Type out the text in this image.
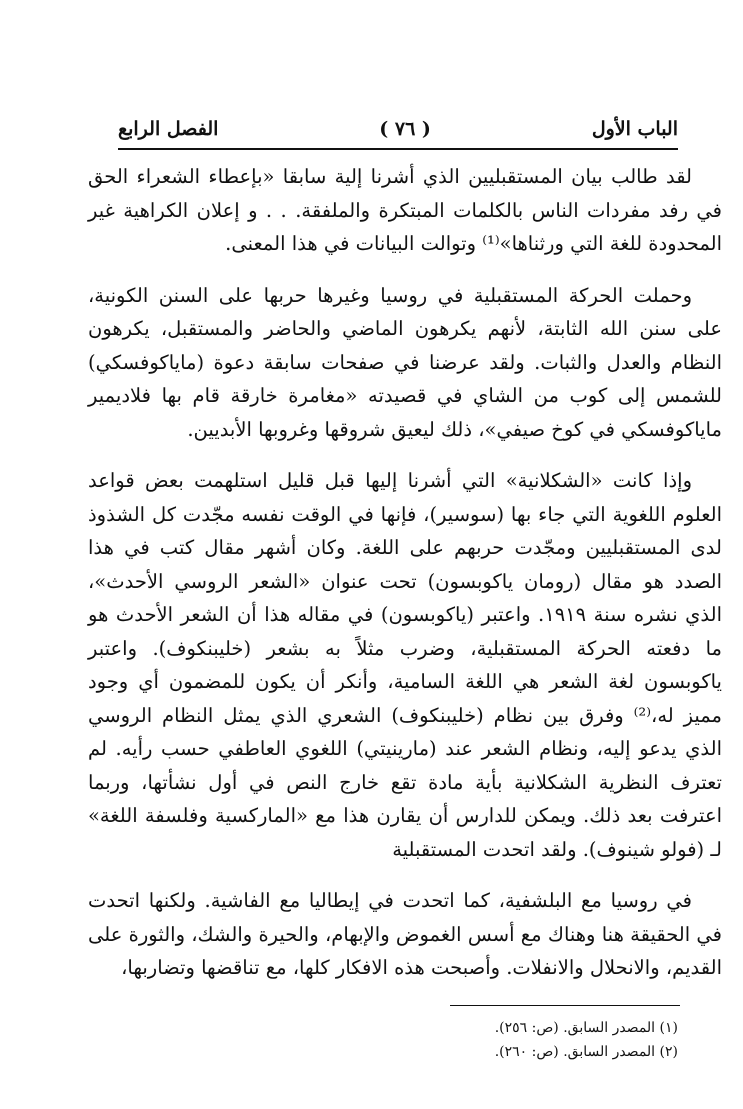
الباب الأول
( ٧٦ )
الفصل الرابع

لقد طالب بيان المستقبليين الذي أشرنا إلية سابقا «بإعطاء الشعراء الحق في رفد مفردات الناس بالكلمات المبتكرة والملفقة. . . و إعلان الكراهية غير المحدودة للغة التي ورثناها»⁽¹⁾ وتوالت البيانات في هذا المعنى.

وحملت الحركة المستقبلية في روسيا وغيرها حربها على السنن الكونية، على سنن الله الثابتة، لأنهم يكرهون الماضي والحاضر والمستقبل، يكرهون النظام والعدل والثبات. ولقد عرضنا في صفحات سابقة دعوة (ماياكوفسكي) للشمس إلى كوب من الشاي في قصيدته «مغامرة خارقة قام بها فلاديمير ماياكوفسكي في كوخ صيفي»، ذلك ليعيق شروقها وغروبها الأبديين.

وإذا كانت «الشكلانية» التي أشرنا إليها قبل قليل استلهمت بعض قواعد العلوم اللغوية التي جاء بها (سوسير)، فإنها في الوقت نفسه مجّدت كل الشذوذ لدى المستقبليين ومجّدت حربهم على اللغة. وكان أشهر مقال كتب في هذا الصدد هو مقال (رومان ياكوبسون) تحت عنوان «الشعر الروسي الأحدث»، الذي نشره سنة ١٩١٩. واعتبر (ياكوبسون) في مقاله هذا أن الشعر الأحدث هو ما دفعته الحركة المستقبلية، وضرب مثلاً به بشعر (خليبنكوف). واعتبر ياكوبسون لغة الشعر هي اللغة السامية، وأنكر أن يكون للمضمون أي وجود مميز له،⁽²⁾ وفرق بين نظام (خليبنكوف) الشعري الذي يمثل النظام الروسي الذي يدعو إليه، ونظام الشعر عند (مارينيتي) اللغوي العاطفي حسب رأيه. لم تعترف النظرية الشكلانية بأية مادة تقع خارج النص في أول نشأتها، وربما اعترفت بعد ذلك. ويمكن للدارس أن يقارن هذا مع «الماركسية وفلسفة اللغة» لـ (فولو شينوف). ولقد اتحدت المستقبلية

في روسيا مع البلشفية، كما اتحدت في إيطاليا مع الفاشية. ولكنها اتحدت في الحقيقة هنا وهناك مع أسس الغموض والإبهام، والحيرة والشك، والثورة على القديم، والانحلال والانفلات. وأصبحت هذه الافكار كلها، مع تناقضها وتضاربها،

(١) المصدر السابق. (ص: ٢٥٦).
(٢) المصدر السابق. (ص: ٢٦٠).
